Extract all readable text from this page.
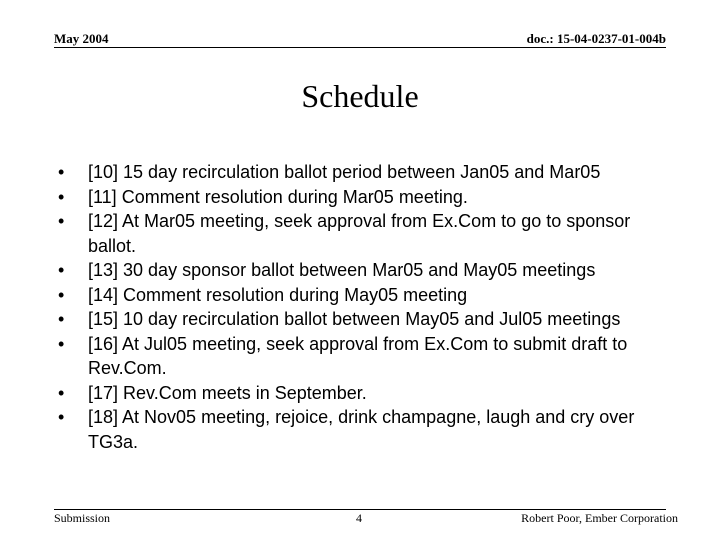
May 2004	doc.: 15-04-0237-01-004b
Schedule
• [10] 15 day recirculation ballot period between Jan05 and Mar05
• [11] Comment resolution during Mar05 meeting.
• [12] At Mar05 meeting, seek approval from Ex.Com to go to sponsor ballot.
• [13] 30 day sponsor ballot between Mar05 and May05 meetings
• [14] Comment resolution during May05 meeting
• [15] 10 day recirculation ballot between May05 and Jul05 meetings
• [16] At Jul05 meeting, seek approval from Ex.Com to submit draft to Rev.Com.
• [17] Rev.Com meets in September.
• [18] At Nov05 meeting, rejoice, drink champagne, laugh and cry over TG3a.
Submission	4	Robert Poor, Ember Corporation
